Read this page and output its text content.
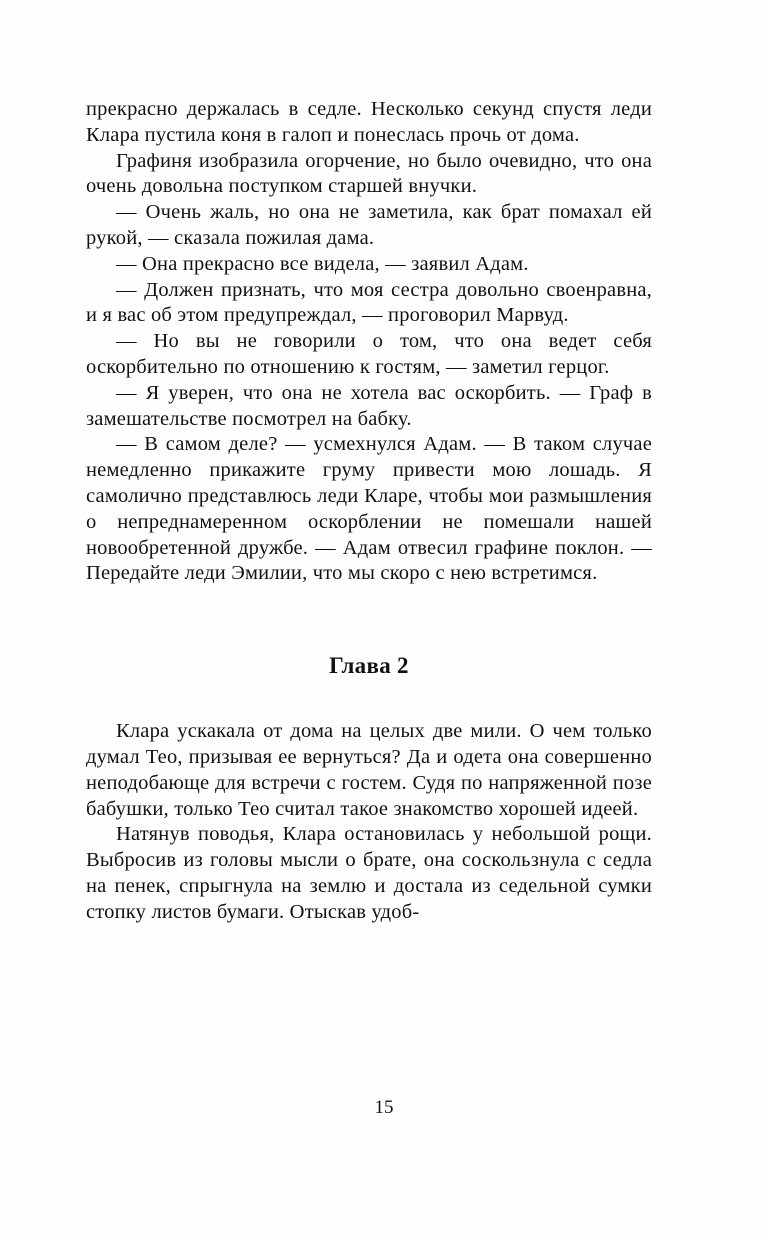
прекрасно держалась в седле. Несколько секунд спустя леди Клара пустила коня в галоп и понеслась прочь от дома.

Графиня изобразила огорчение, но было очевидно, что она очень довольна поступком старшей внучки.

— Очень жаль, но она не заметила, как брат помахал ей рукой, — сказала пожилая дама.

— Она прекрасно все видела, — заявил Адам.

— Должен признать, что моя сестра довольно своенравна, и я вас об этом предупреждал, — проговорил Марвуд.

— Но вы не говорили о том, что она ведет себя оскорбительно по отношению к гостям, — заметил герцог.

— Я уверен, что она не хотела вас оскорбить. — Граф в замешательстве посмотрел на бабку.

— В самом деле? — усмехнулся Адам. — В таком случае немедленно прикажите груму привести мою лошадь. Я самолично представлюсь леди Кларе, чтобы мои размышления о непреднамеренном оскорблении не помешали нашей новообретенной дружбе. — Адам отвесил графине поклон. — Передайте леди Эмилии, что мы скоро с нею встретимся.

Глава 2

Клара ускакала от дома на целых две мили. О чем только думал Тео, призывая ее вернуться? Да и одета она совершенно неподобающе для встречи с гостем. Судя по напряженной позе бабушки, только Тео считал такое знакомство хорошей идеей.

Натянув поводья, Клара остановилась у небольшой рощи. Выбросив из головы мысли о брате, она соскользнула с седла на пенек, спрыгнула на землю и достала из седельной сумки стопку листов бумаги. Отыскав удоб-

15
